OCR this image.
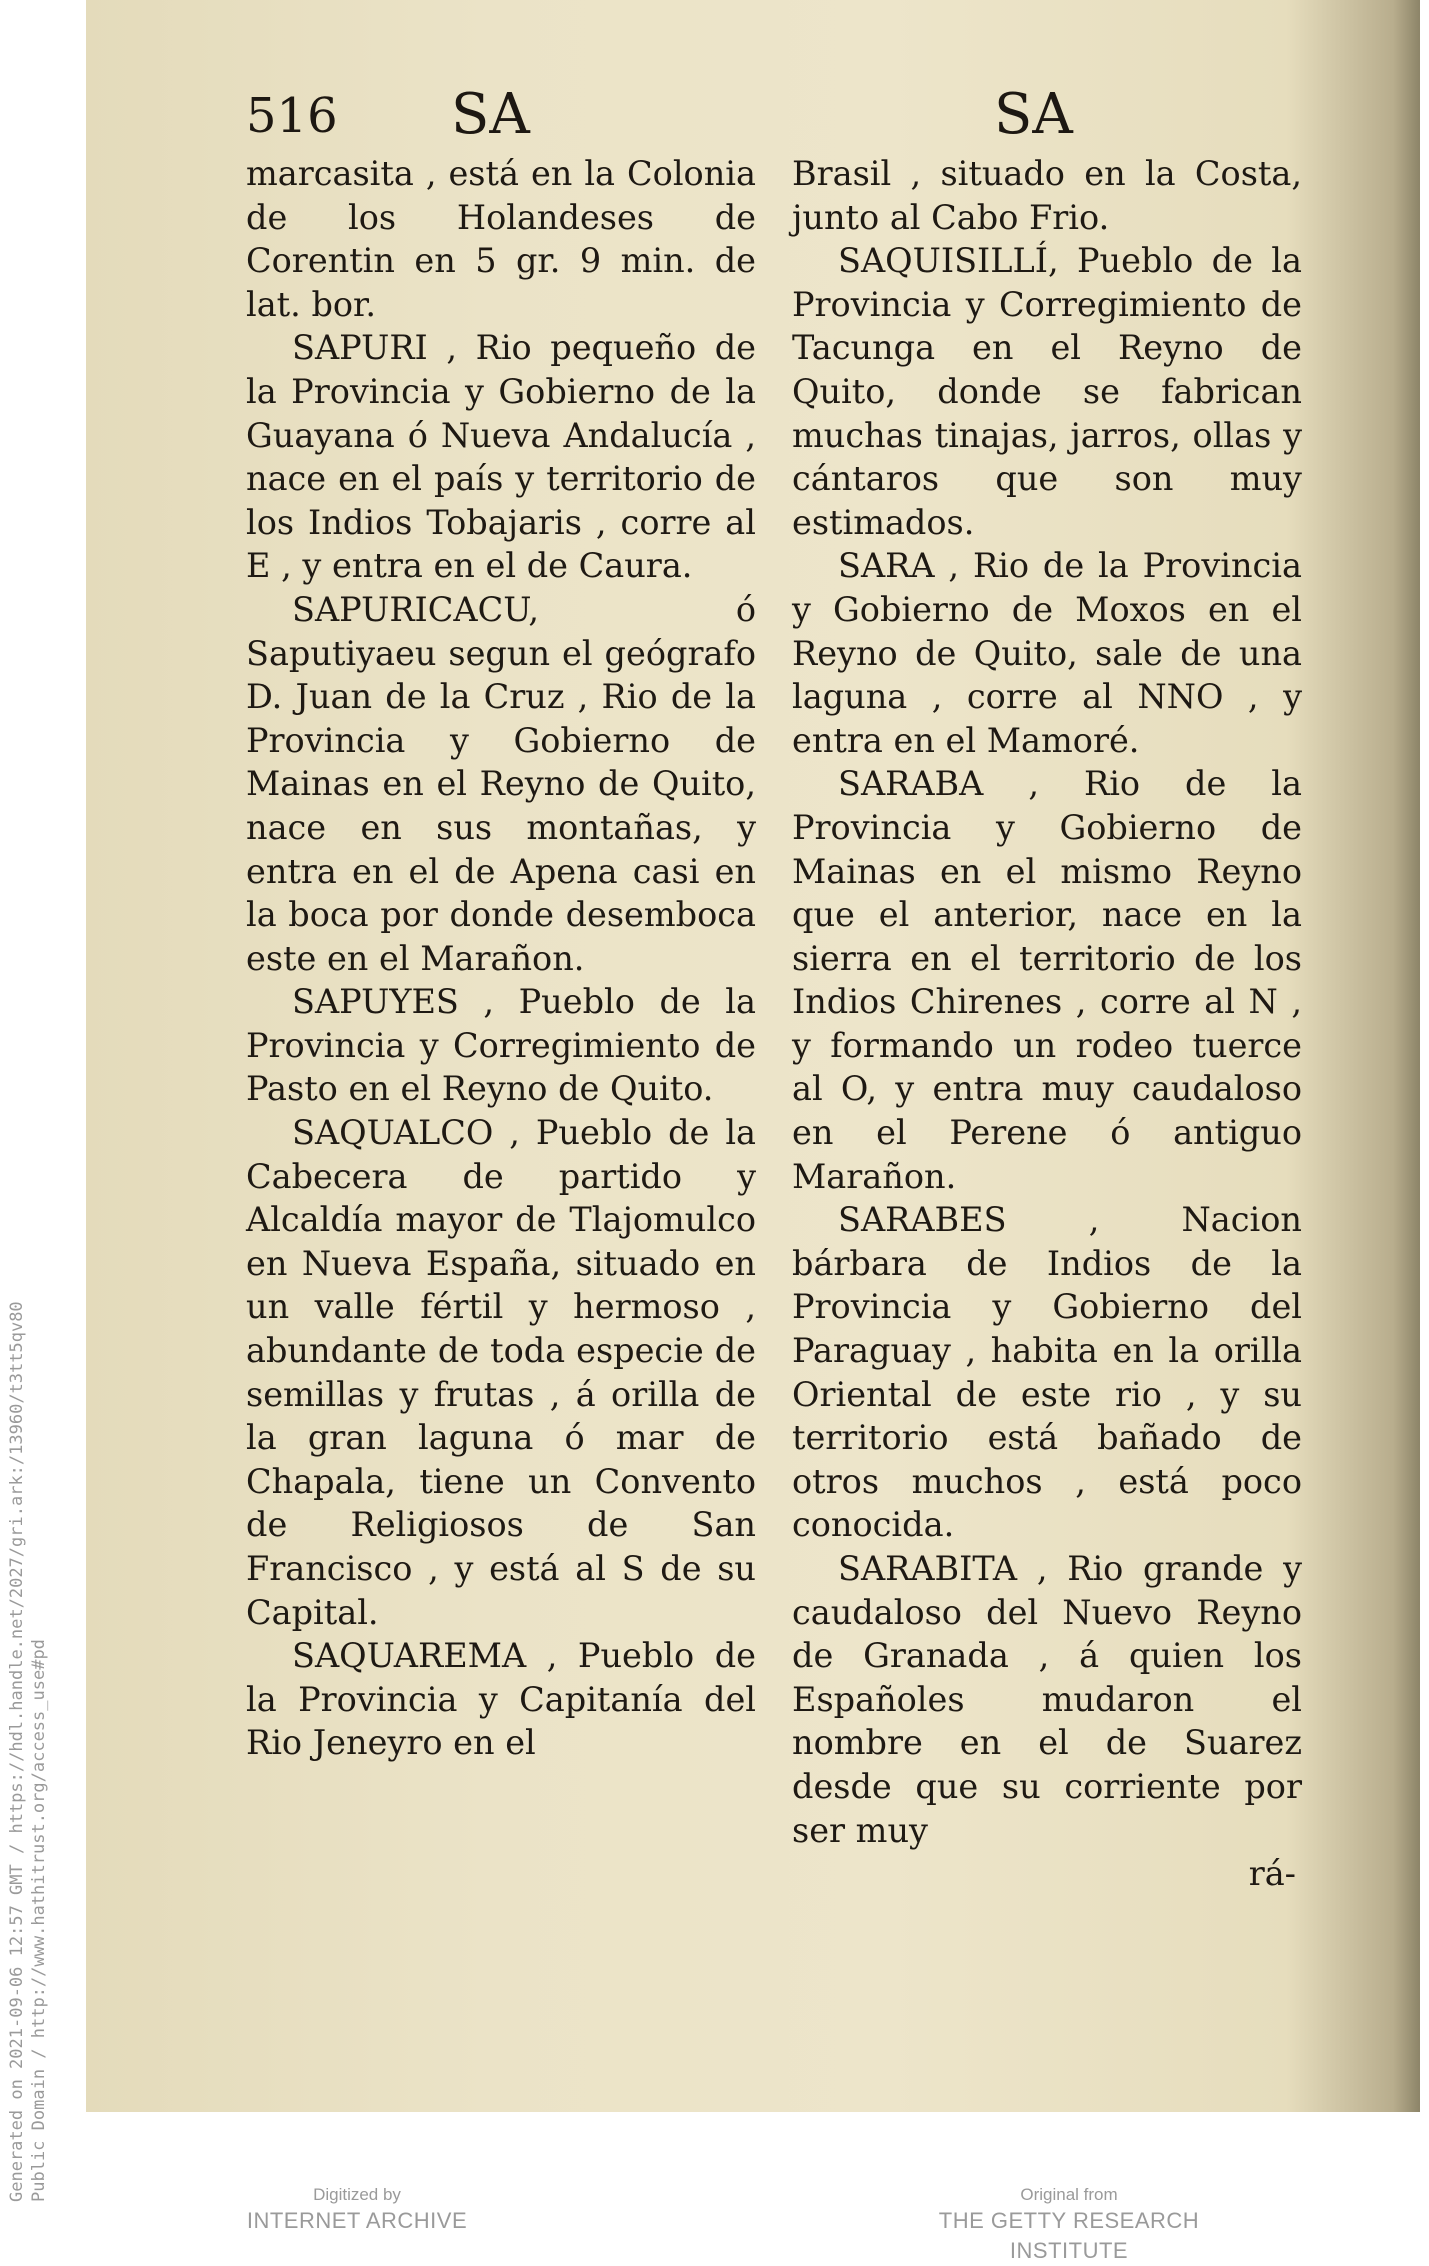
Generated on 2021-09-06 12:57 GMT / https://hdl.handle.net/2027/gri.ark:/13960/t3tt5qv80 Public Domain / http://www.hathitrust.org/access_use#pd
516 SA	SA

marcasita , está en la Colonia de los Holandeses de Corentin en 5 gr. 9 min. de lat. bor.

SAPURI , Rio pequeño de la Provincia y Gobierno de la Guayana ó Nueva Andalucía , nace en el país y territorio de los Indios Tobajaris , corre al E , y entra en el de Caura.

SAPURICACU, ó Saputiyaeu segun el geógrafo D. Juan de la Cruz , Rio de la Provincia y Gobierno de Mainas en el Reyno de Quito, nace en sus montañas, y entra en el de Apena casi en la boca por donde desemboca este en el Marañon.

SAPUYES , Pueblo de la Provincia y Corregimiento de Pasto en el Reyno de Quito.

SAQUALCO , Pueblo de la Cabecera de partido y Alcaldía mayor de Tlajomulco en Nueva España, situado en un valle fértil y hermoso , abundante de toda especie de semillas y frutas , á orilla de la gran laguna ó mar de Chapala, tiene un Convento de Religiosos de San Francisco , y está al S de su Capital.

SAQUAREMA , Pueblo de la Provincia y Capitanía del Rio Jeneyro en el

Brasil , situado en la Costa, junto al Cabo Frio.

SAQUISILLÍ, Pueblo de la Provincia y Corregimiento de Tacunga en el Reyno de Quito, donde se fabrican muchas tinajas, jarros, ollas y cántaros que son muy estimados.

SARA , Rio de la Provincia y Gobierno de Moxos en el Reyno de Quito, sale de una laguna , corre al NNO , y entra en el Mamoré.

SARABA , Rio de la Provincia y Gobierno de Mainas en el mismo Reyno que el anterior, nace en la sierra en el territorio de los Indios Chirenes , corre al N , y formando un rodeo tuerce al O, y entra muy caudaloso en el Perene ó antiguo Marañon.

SARABES , Nacion bárbara de Indios de la Provincia y Gobierno del Paraguay , habita en la orilla Oriental de este rio , y su territorio está bañado de otros muchos , está poco conocida.

SARABITA , Rio grande y caudaloso del Nuevo Reyno de Granada , á quien los Españoles mudaron el nombre en el de Suarez desde que su corriente por ser muy

rá-

Digitized by
INTERNET ARCHIVE
Original from
THE GETTY RESEARCH INSTITUTE
